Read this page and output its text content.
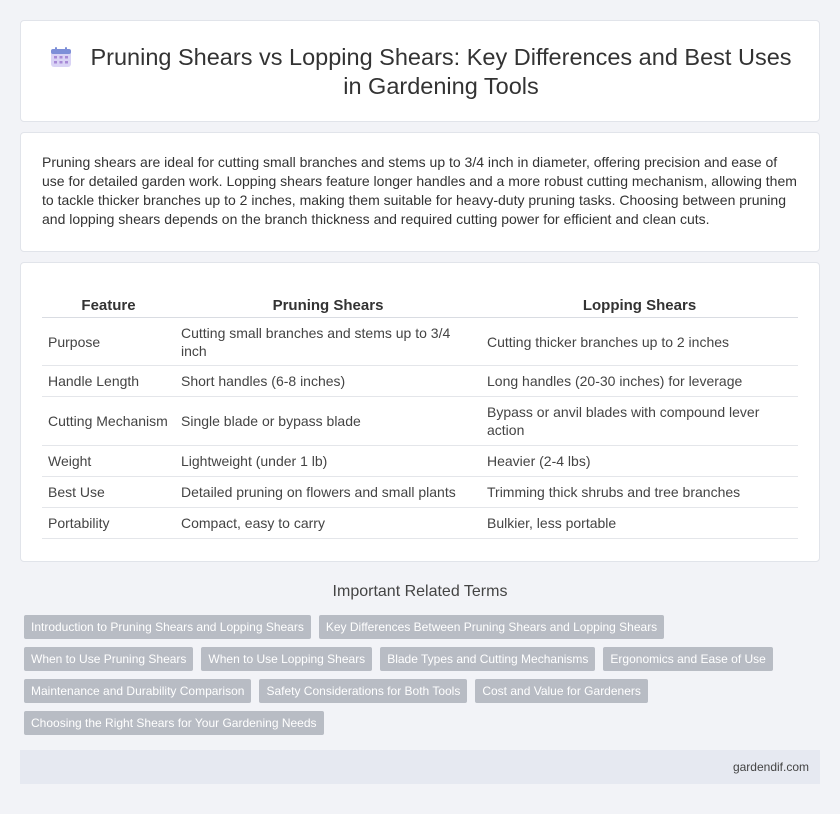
Pruning Shears vs Lopping Shears: Key Differences and Best Uses in Gardening Tools

Pruning shears are ideal for cutting small branches and stems up to 3/4 inch in diameter, offering precision and ease of use for detailed garden work. Lopping shears feature longer handles and a more robust cutting mechanism, allowing them to tackle thicker branches up to 2 inches, making them suitable for heavy-duty pruning tasks. Choosing between pruning and lopping shears depends on the branch thickness and required cutting power for efficient and clean cuts.

Feature	Pruning Shears	Lopping Shears
Purpose	Cutting small branches and stems up to 3/4 inch	Cutting thicker branches up to 2 inches
Handle Length	Short handles (6-8 inches)	Long handles (20-30 inches) for leverage
Cutting Mechanism	Single blade or bypass blade	Bypass or anvil blades with compound lever action
Weight	Lightweight (under 1 lb)	Heavier (2-4 lbs)
Best Use	Detailed pruning on flowers and small plants	Trimming thick shrubs and tree branches
Portability	Compact, easy to carry	Bulkier, less portable
Important Related Terms
Introduction to Pruning Shears and Lopping Shears	Key Differences Between Pruning Shears and Lopping Shears
When to Use Pruning Shears	When to Use Lopping Shears	Blade Types and Cutting Mechanisms	Ergonomics and Ease of Use
Maintenance and Durability Comparison	Safety Considerations for Both Tools	Cost and Value for Gardeners
Choosing the Right Shears for Your Gardening Needs
gardendif.com
